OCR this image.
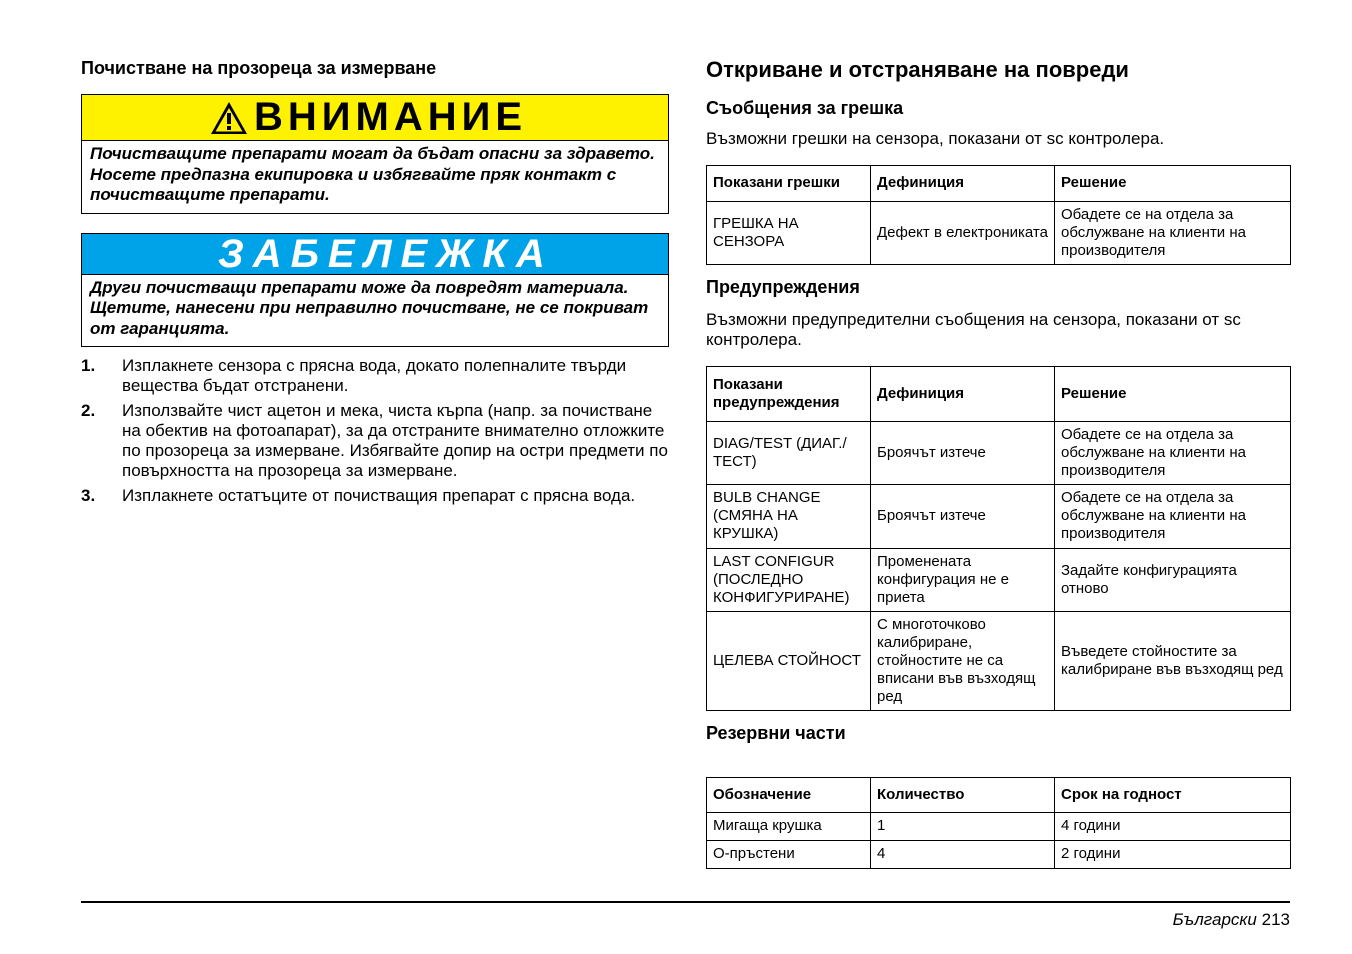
Почистване на прозореца за измерване
ВНИМАНИЕ
Почистващите препарати могат да бъдат опасни за здравето.
Носете предпазна екипировка и избягвайте пряк контакт с почистващите препарати.
ЗАБЕЛЕЖКА
Други почистващи препарати може да повредят материала. Щетите, нанесени при неправилно почистване, не се покриват от гаранцията.
1.	Изплакнете сензора с прясна вода, докато полепналите твърди вещества бъдат отстранени.
2.	Използвайте чист ацетон и мека, чиста кърпа (напр. за почистване на обектив на фотоапарат), за да отстраните внимателно отложките по прозореца за измерване. Избягвайте допир на остри предмети по повърхността на прозореца за измерване.
3.	Изплакнете остатъците от почистващия препарат с прясна вода.
Откриване и отстраняване на повреди
Съобщения за грешка

Възможни грешки на сензора, показани от sc контролера.

Показани грешки	Дефиниция	Решение
ГРЕШКА НА СЕНЗОРА	Дефект в електрониката	Обадете се на отдела за обслужване на клиенти на производителя
Предупреждения

Възможни предупредителни съобщения на сензора, показани от sc контролера.

Показани предупреждения	Дефиниция	Решение
DIAG/TEST (ДИАГ./ТЕСТ)	Броячът изтече	Обадете се на отдела за обслужване на клиенти на производителя
BULB CHANGE (СМЯНА НА КРУШКА)	Броячът изтече	Обадете се на отдела за обслужване на клиенти на производителя
LAST CONFIGUR (ПОСЛЕДНО КОНФИГУРИРАНЕ)	Променената конфигурация не е приета	Задайте конфигурацията отново
ЦЕЛЕВА СТОЙНОСТ	С многоточково калибриране, стойностите не са вписани във възходящ ред	Въведете стойностите за калибриране във възходящ ред
Резервни части
Обозначение	Количество	Срок на годност
Мигаща крушка	1	4 години
О-пръстени	4	2 години
Български 213
